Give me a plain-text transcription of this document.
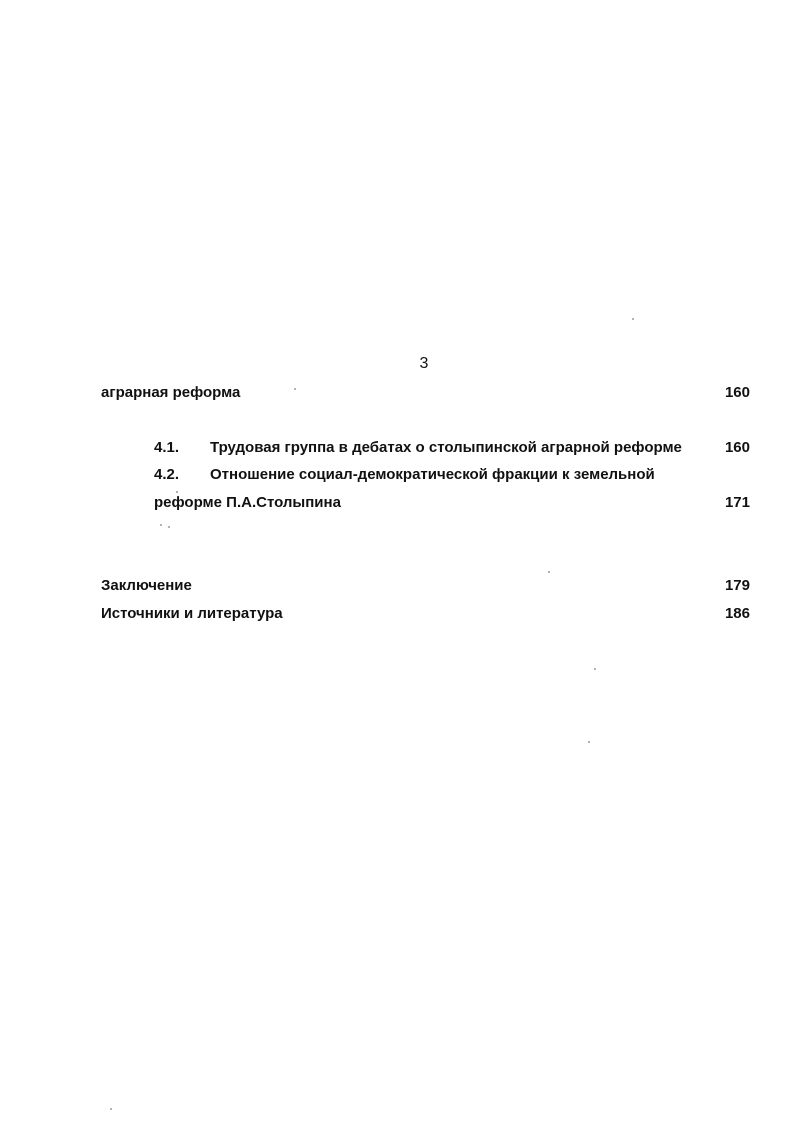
3
аграрная реформа	160
4.1. Трудовая группа в дебатах о столыпинской аграрной реформе	160
4.2. Отношение социал-демократической фракции к земельной
реформе П.А.Столыпина	171
Заключение	179
Источники и литература	186
